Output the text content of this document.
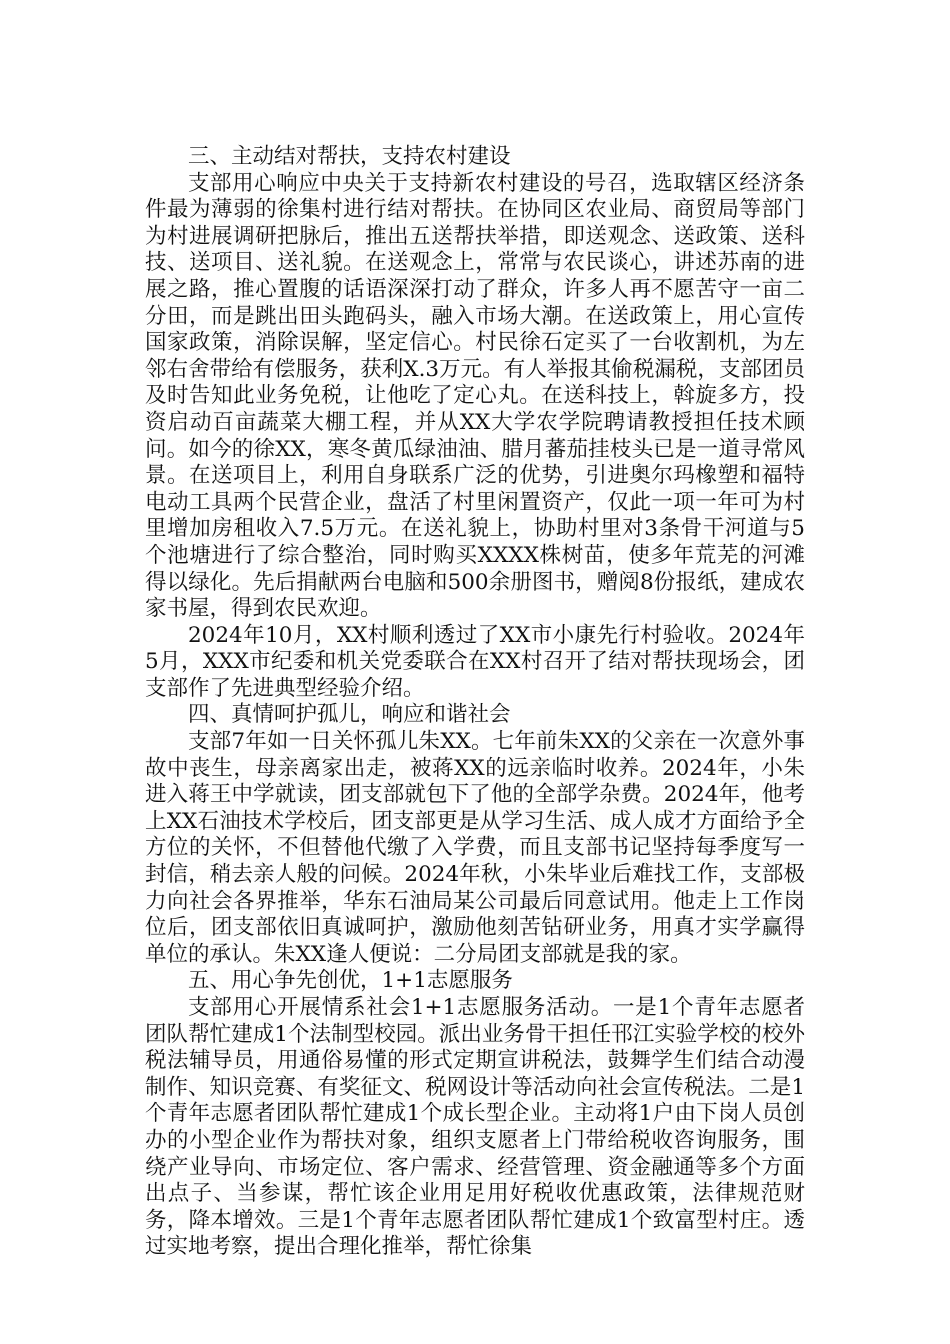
三、主动结对帮扶，支持农村建设

支部用心响应中央关于支持新农村建设的号召，选取辖区经济条件最为薄弱的徐集村进行结对帮扶。在协同区农业局、商贸局等部门为村进展调研把脉后，推出五送帮扶举措，即送观念、送政策、送科技、送项目、送礼貌。在送观念上，常常与农民谈心，讲述苏南的进展之路，推心置腹的话语深深打动了群众，许多人再不愿苦守一亩二分田，而是跳出田头跑码头，融入市场大潮。在送政策上，用心宣传国家政策，消除误解，坚定信心。村民徐石定买了一台收割机，为左邻右舍带给有偿服务，获利X.3万元。有人举报其偷税漏税，支部团员及时告知此业务免税，让他吃了定心丸。在送科技上，斡旋多方，投资启动百亩蔬菜大棚工程，并从XX大学农学院聘请教授担任技术顾问。如今的徐XX，寒冬黄瓜绿油油、腊月蕃茄挂枝头已是一道寻常风景。在送项目上，利用自身联系广泛的优势，引进奥尔玛橡塑和福特电动工具两个民营企业，盘活了村里闲置资产，仅此一项一年可为村里增加房租收入7.5万元。在送礼貌上，协助村里对3条骨干河道与5个池塘进行了综合整治，同时购买XXXX株树苗，使多年荒芜的河滩得以绿化。先后捐献两台电脑和500余册图书，赠阅8份报纸，建成农家书屋，得到农民欢迎。

2024年10月，XX村顺利透过了XX市小康先行村验收。2024年5月，XXX市纪委和机关党委联合在XX村召开了结对帮扶现场会，团支部作了先进典型经验介绍。

四、真情呵护孤儿，响应和谐社会

支部7年如一日关怀孤儿朱XX。七年前朱XX的父亲在一次意外事故中丧生，母亲离家出走，被蒋XX的远亲临时收养。2024年，小朱进入蒋王中学就读，团支部就包下了他的全部学杂费。2024年，他考上XX石油技术学校后，团支部更是从学习生活、成人成才方面给予全方位的关怀，不但替他代缴了入学费，而且支部书记坚持每季度写一封信，稍去亲人般的问候。2024年秋，小朱毕业后难找工作，支部极力向社会各界推举，华东石油局某公司最后同意试用。他走上工作岗位后，团支部依旧真诚呵护，激励他刻苦钻研业务，用真才实学赢得单位的承认。朱XX逢人便说：二分局团支部就是我的家。

五、用心争先创优，1+1志愿服务

支部用心开展情系社会1+1志愿服务活动。一是1个青年志愿者团队帮忙建成1个法制型校园。派出业务骨干担任邗江实验学校的校外税法辅导员，用通俗易懂的形式定期宣讲税法，鼓舞学生们结合动漫制作、知识竞赛、有奖征文、税网设计等活动向社会宣传税法。二是1个青年志愿者团队帮忙建成1个成长型企业。主动将1户由下岗人员创办的小型企业作为帮扶对象，组织支愿者上门带给税收咨询服务，围绕产业导向、市场定位、客户需求、经营管理、资金融通等多个方面出点子、当参谋，帮忙该企业用足用好税收优惠政策，法律规范财务，降本增效。三是1个青年志愿者团队帮忙建成1个致富型村庄。透过实地考察，提出合理化推举，帮忙徐集
